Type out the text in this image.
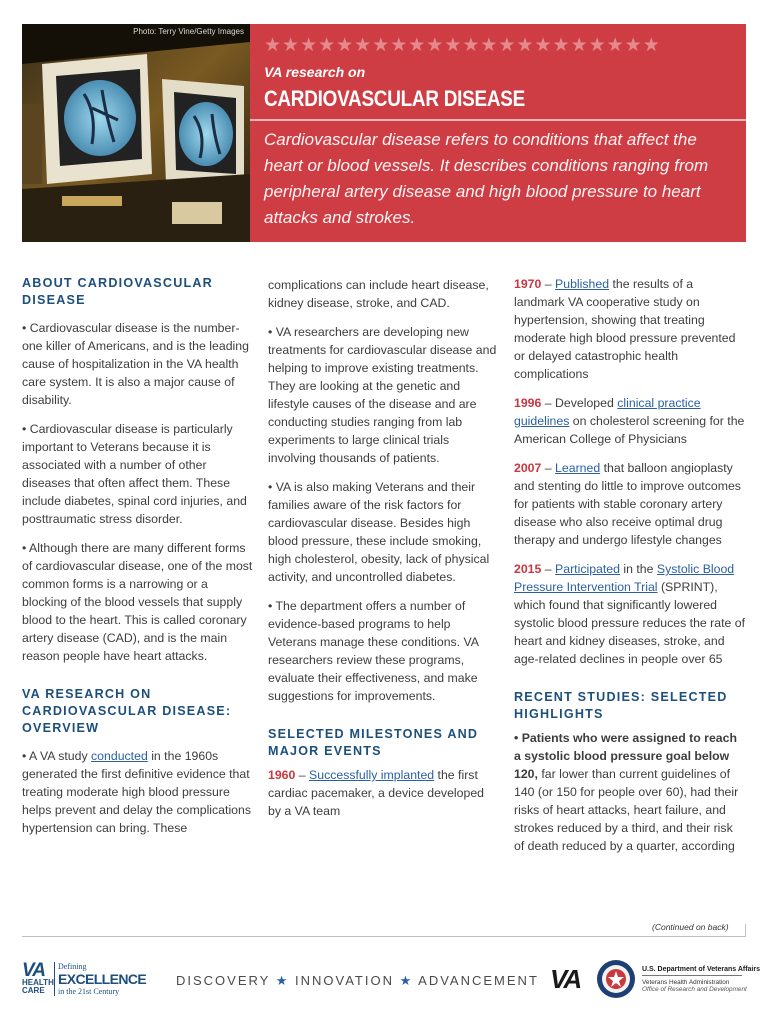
Photo: Terry Vine/Getty Images
★★★★★★★★★★★★★★★★★★★★★★
VA research on
CARDIOVASCULAR DISEASE
Cardiovascular disease refers to conditions that affect the heart or blood vessels. It describes conditions ranging from peripheral artery disease and high blood pressure to heart attacks and strokes.
ABOUT CARDIOVASCULAR DISEASE

• Cardiovascular disease is the number-one killer of Americans, and is the leading cause of hospitalization in the VA health care system. It is also a major cause of disability.

• Cardiovascular disease is particularly important to Veterans because it is associated with a number of other diseases that often affect them. These include diabetes, spinal cord injuries, and posttraumatic stress disorder.

• Although there are many different forms of cardiovascular disease, one of the most common forms is a narrowing or a blocking of the blood vessels that supply blood to the heart. This is called coronary artery disease (CAD), and is the main reason people have heart attacks.

VA RESEARCH ON CARDIOVASCULAR DISEASE: OVERVIEW

• A VA study conducted in the 1960s generated the first definitive evidence that treating moderate high blood pressure helps prevent and delay the complications hypertension can bring. These

complications can include heart disease, kidney disease, stroke, and CAD.

• VA researchers are developing new treatments for cardiovascular disease and helping to improve existing treatments. They are looking at the genetic and lifestyle causes of the disease and are conducting studies ranging from lab experiments to large clinical trials involving thousands of patients.

• VA is also making Veterans and their families aware of the risk factors for cardiovascular disease. Besides high blood pressure, these include smoking, high cholesterol, obesity, lack of physical activity, and uncontrolled diabetes.

• The department offers a number of evidence-based programs to help Veterans manage these conditions. VA researchers review these programs, evaluate their effectiveness, and make suggestions for improvements.

SELECTED MILESTONES AND MAJOR EVENTS

1960 – Successfully implanted the first cardiac pacemaker, a device developed by a VA team

1970 – Published the results of a landmark VA cooperative study on hypertension, showing that treating moderate high blood pressure prevented or delayed catastrophic health complications

1996 – Developed clinical practice guidelines on cholesterol screening for the American College of Physicians

2007 – Learned that balloon angioplasty and stenting do little to improve outcomes for patients with stable coronary artery disease who also receive optimal drug therapy and undergo lifestyle changes

2015 – Participated in the Systolic Blood Pressure Intervention Trial (SPRINT), which found that significantly lowered systolic blood pressure reduces the rate of heart and kidney diseases, stroke, and age-related declines in people over 65

RECENT STUDIES: SELECTED HIGHLIGHTS

• Patients who were assigned to reach a systolic blood pressure goal below 120, far lower than current guidelines of 140 (or 150 for people over 60), had their risks of heart attacks, heart failure, and strokes reduced by a third, and their risk of death reduced by a quarter, according

(Continued on back)
VA
HEALTH CARE
Defining
EXCELLENCE
in the 21st Century
DISCOVERY ★ INNOVATION ★ ADVANCEMENT VA	U.S. Department of Veterans Affairs
Veterans Health Administration
Office of Research and Development
